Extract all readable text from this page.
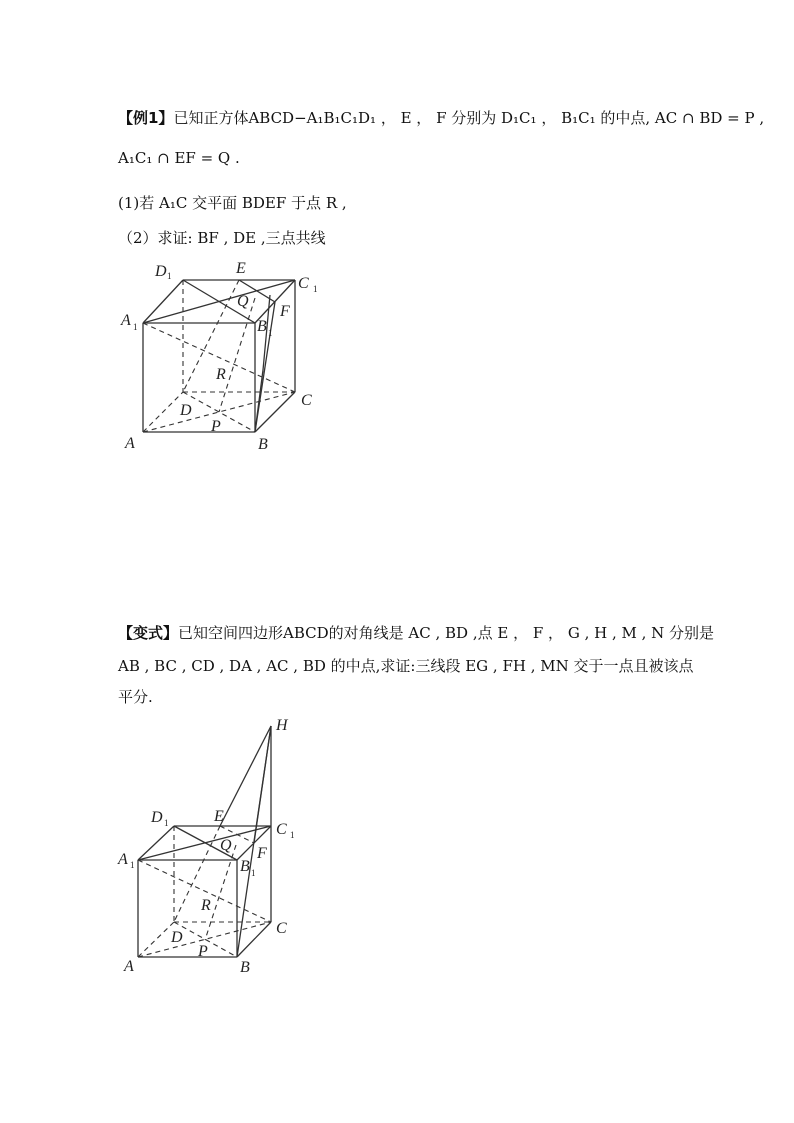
【例1】已知正方体ABCD−A₁B₁C₁D₁ ， E ， F 分别为 D₁C₁ ， B₁C₁ 的中点, AC ∩ BD = P ,
A₁C₁ ∩ EF = Q .
(1)若 A₁C 交平面 BDEF 于点 R ,
（2）求证: BF , DE ,三点共线
D 1	E
C 1
A 1
Q
B 1
F
R
C
D
P
A	B
【变式】已知空间四边形ABCD的对角线是 AC , BD ,点 E ， F ， G , H , M , N 分别是
AB , BC , CD , DA , AC , BD 的中点,求证:三线段 EG , FH , MN 交于一点且被该点
平分.
H
D 1	E
C 1
A 1
Q
B 1
F
R
C
D
P
A	B
